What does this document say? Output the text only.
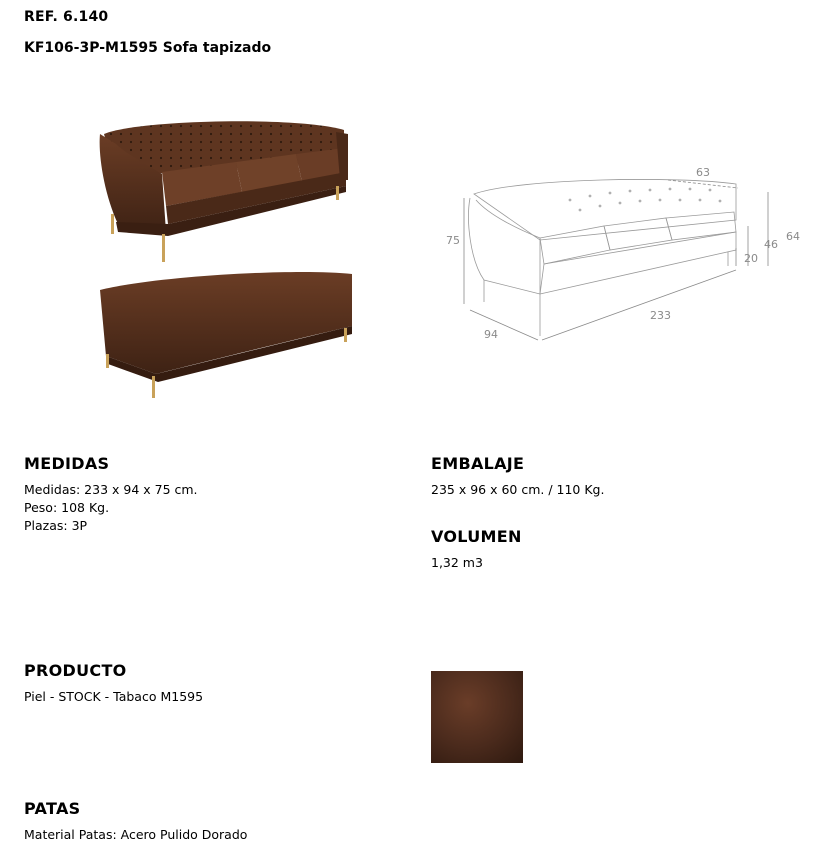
REF. 6.140
KF106-3P-M1595 Sofa tapizado
63
75	64
46
20
94
233
MEDIDAS
Medidas: 233 x 94 x 75 cm.
Peso: 108 Kg.
Plazas: 3P
EMBALAJE
235 x 96 x 60 cm. / 110 Kg.
VOLUMEN
1,32 m3
PRODUCTO
Piel - STOCK - Tabaco M1595
PATAS
Material Patas: Acero Pulido Dorado
